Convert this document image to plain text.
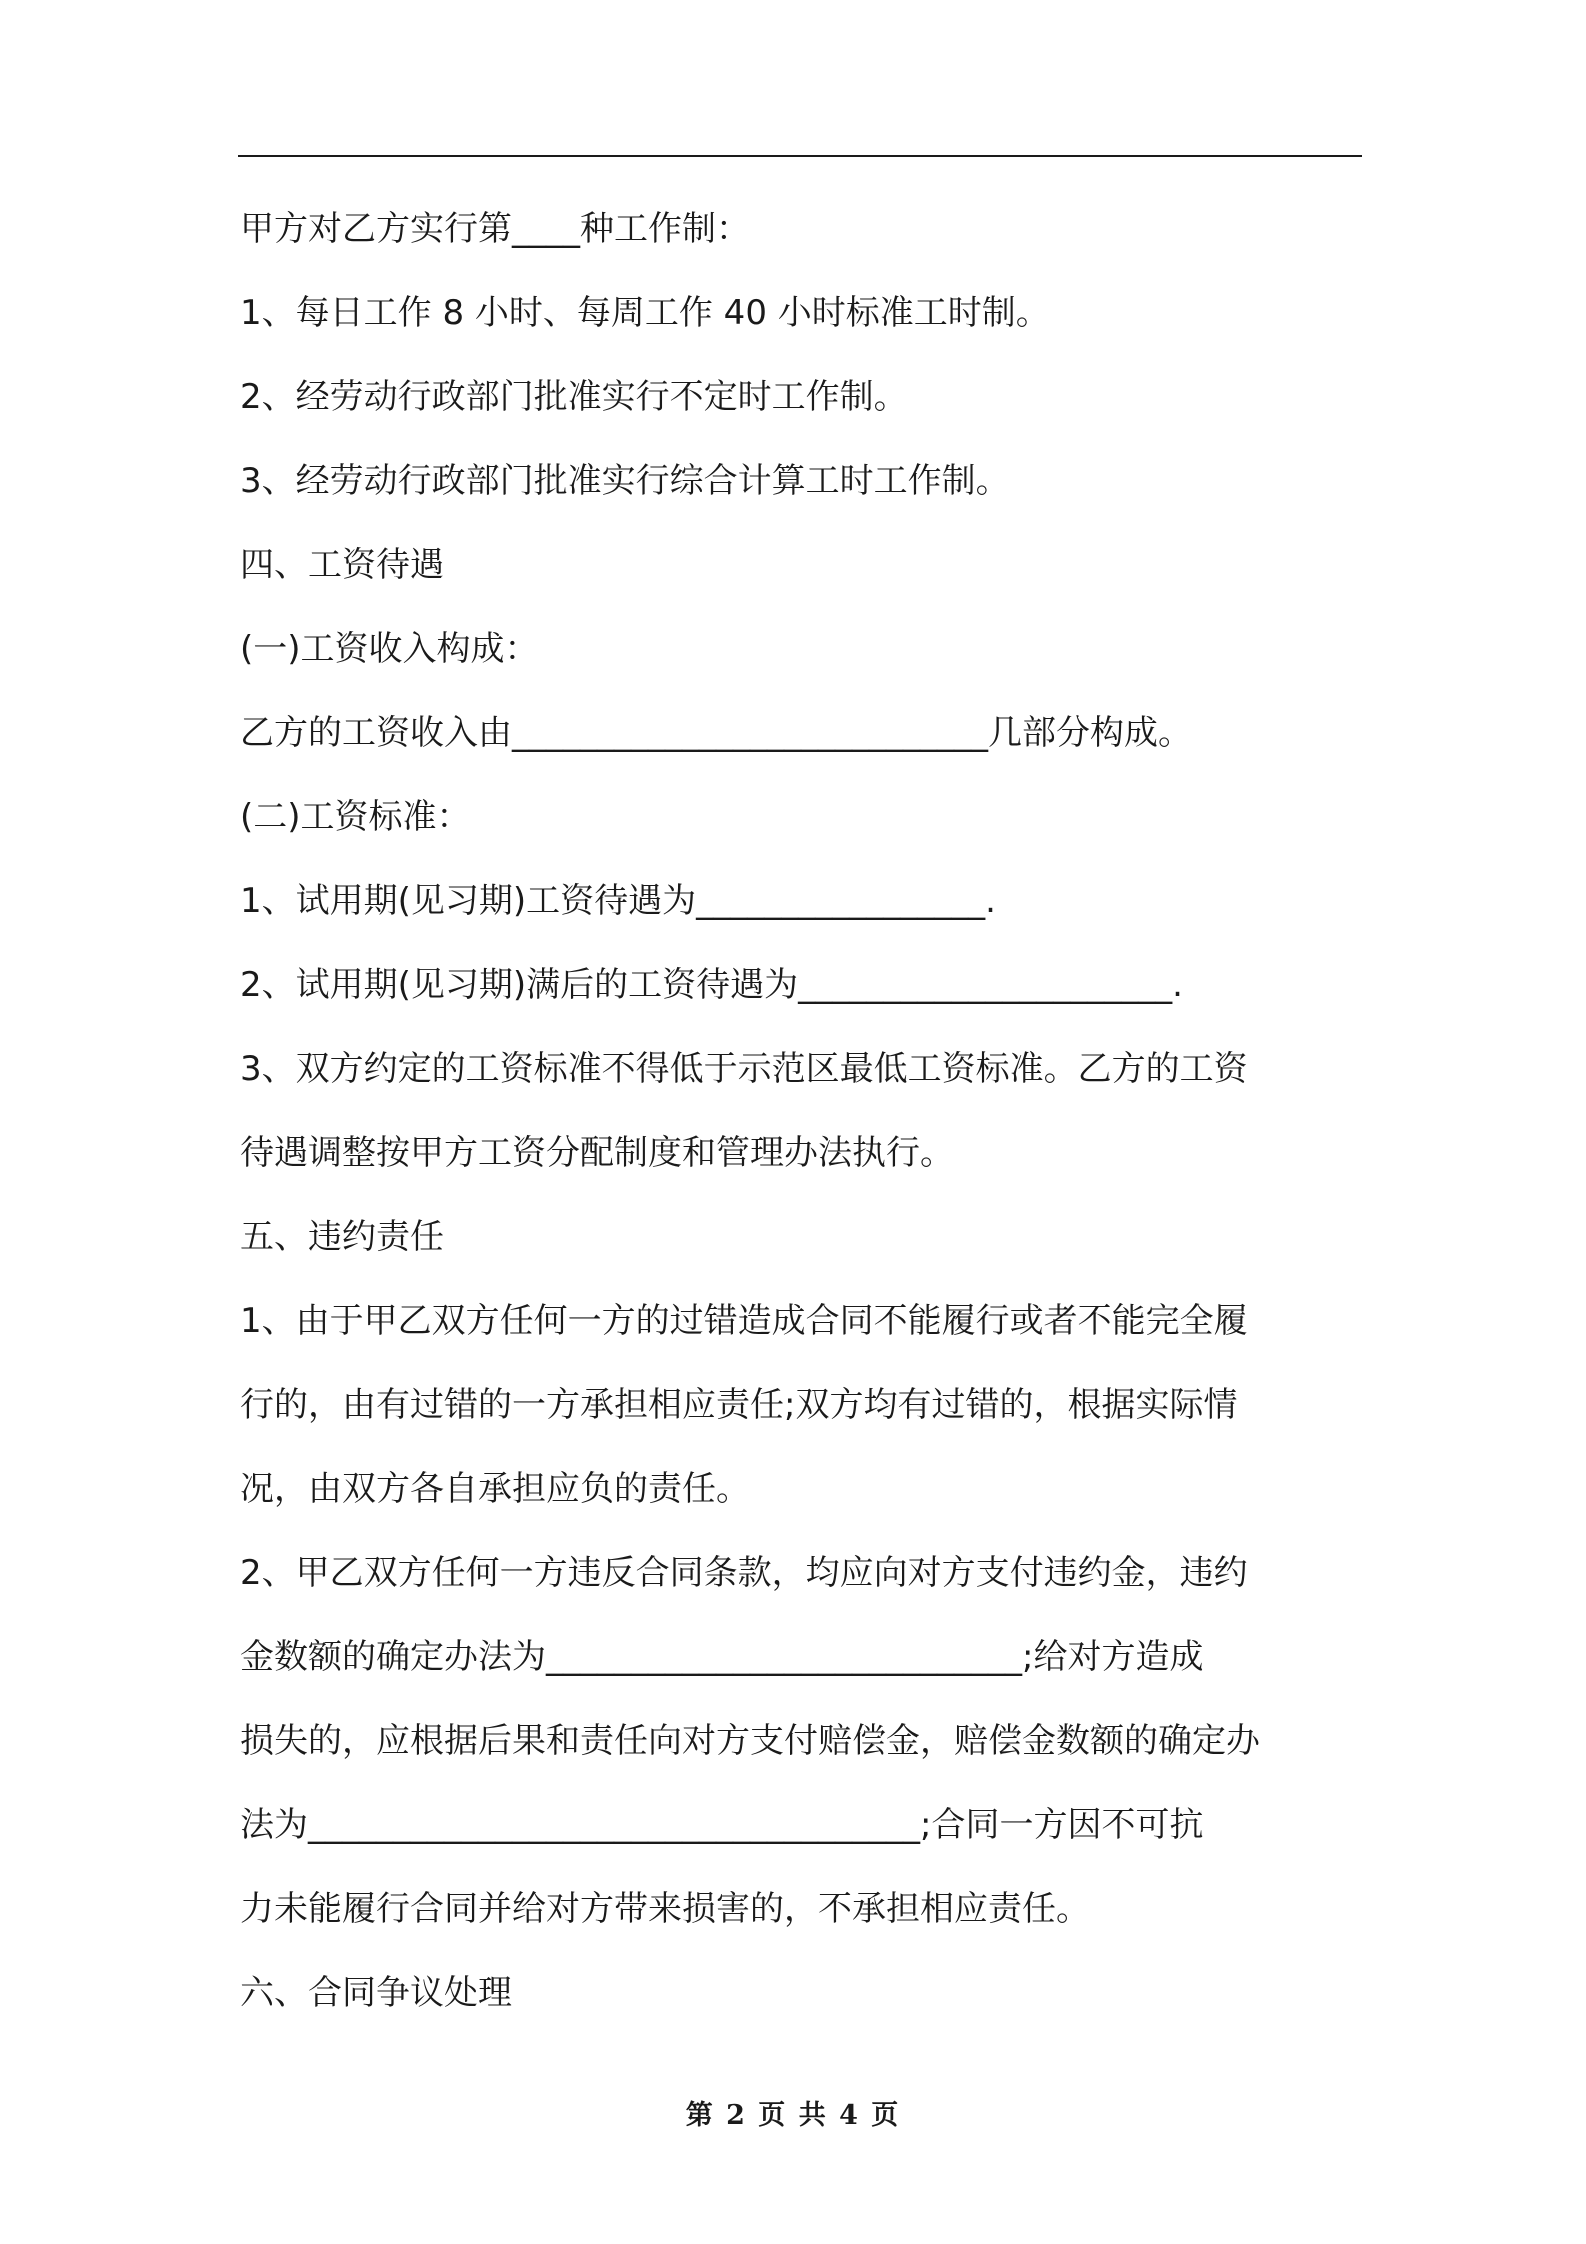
甲方对乙方实行第____种工作制：

1、每日工作 8 小时、每周工作 40 小时标准工时制。

2、经劳动行政部门批准实行不定时工作制。

3、经劳动行政部门批准实行综合计算工时工作制。

四、工资待遇

(一)工资收入构成：

乙方的工资收入由____________________________几部分构成。

(二)工资标准：

1、试用期(见习期)工资待遇为_________________.

2、试用期(见习期)满后的工资待遇为______________________.

3、双方约定的工资标准不得低于示范区最低工资标准。乙方的工资

待遇调整按甲方工资分配制度和管理办法执行。

五、违约责任

1、由于甲乙双方任何一方的过错造成合同不能履行或者不能完全履

行的，由有过错的一方承担相应责任;双方均有过错的，根据实际情

况，由双方各自承担应负的责任。

2、甲乙双方任何一方违反合同条款，均应向对方支付违约金，违约

金数额的确定办法为____________________________;给对方造成

损失的，应根据后果和责任向对方支付赔偿金，赔偿金数额的确定办

法为____________________________________;合同一方因不可抗

力未能履行合同并给对方带来损害的，不承担相应责任。

六、合同争议处理

第 2 页 共 4 页
